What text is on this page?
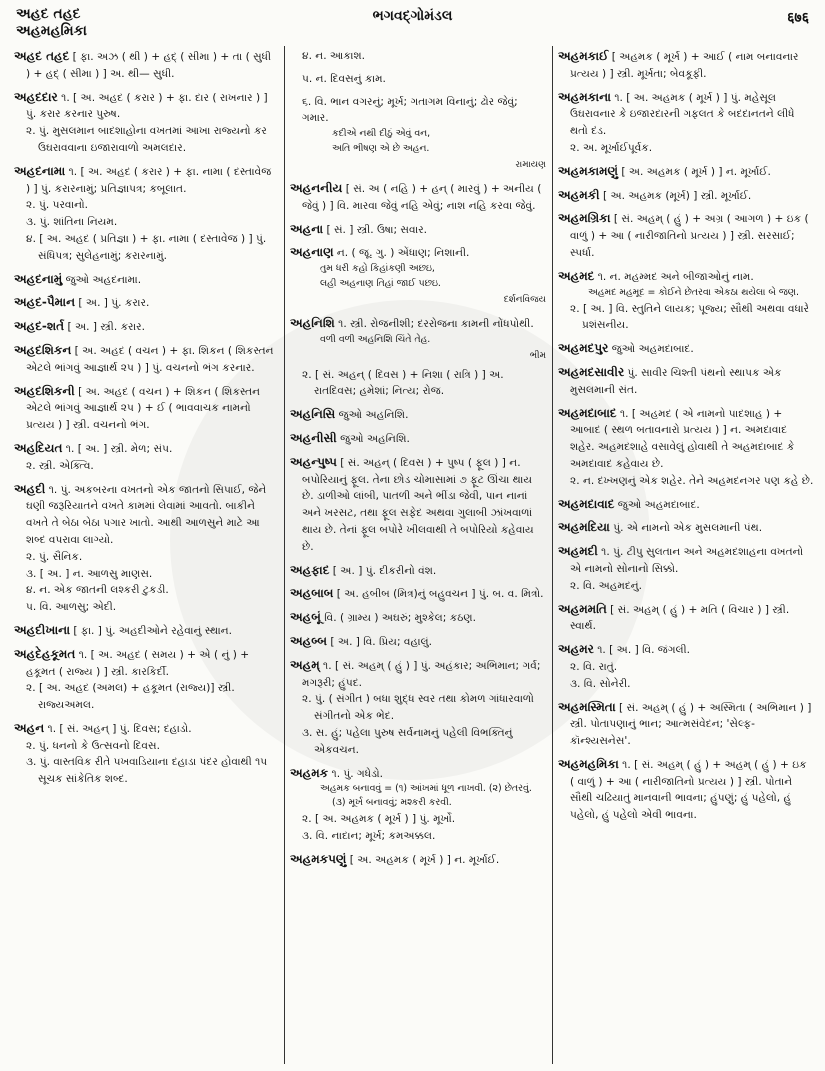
અહદ તહદ
અહમહમિકા
ભગવદ્ગોમંડલ	६७६
અહદ તહદ [ ફા. અઝ ( થી ) + હદ્ ( સીમા ) + તા ( સુધી ) + હદ્ ( સીમા ) ] અ. થી— સુધી.
અહદદાર ૧. [ અ. અહદ ( કરાર ) + ફા. દાર ( રાખનાર ) ] પું. કરાર કરનાર પુરુષ.
૨. પું. મુસલમાન બાદશાહોના વખતમાં આખા રાજ્યનો કર ઉઘરાવવાના ઇજારાવાળો અમલદાર.
અહદનામા ૧. [ અ. અહદ ( કરાર ) + ફા. નામા ( દસ્તાવેજ ) ] પું. કરારનામું; પ્રતિજ્ઞાપત્ર; કબૂલાત.
૨. પું. પરવાનો.
૩. પું. શાંતિના નિયમ.
૪. [ અ. અહદ ( પ્રતિજ્ઞા ) + ફા. નામા ( દસ્તાવેજ ) ] પું. સંધિપત્ર; સુલેહનામું; કરારનામું.
અહદનામું જુઓ અહદનામા.
અહદ-પૈમાન [ અ. ] પું. કરાર.
અહદ-શર્ત [ અ. ] સ્ત્રી. કરાર.
અહદશિકન [ અ. અહદ ( વચન ) + ફા. શિકન ( શિકસ્તન એટલે ભાંગવું આજ્ઞાર્થ ૨પ ) ] પું. વચનનો ભંગ કરનાર.
અહદશિકની [ અ. અહદ ( વચન ) + શિકન ( શિકસ્તન એટલે ભાંગવું આજ્ઞાર્થ ૨પ ) + ઈ ( ભાવવાચક નામનો પ્રત્યય ) ] સ્ત્રી. વચનનો ભંગ.
અહદિયત ૧. [ અ. ] સ્ત્રી. મેળ; સંપ.
૨. સ્ત્રી. એક્ત્વિ.
અહદી ૧. પું. અકબરના વખતનો એક જાતનો સિપાઈ, જેને ઘણી જરૂરિયાતને વખતે કામમાં લેવામાં આવતો. બાકીને વખતે તે બેઠા બેઠા પગાર ખાતો. આથી આળસુને માટે આ શબ્દ વપરાવા લાગ્યો.
૨. પું. સૈનિક.
૩. [ અ. ] ન. આળસુ માણસ.
૪. ન. એક જાતની લશ્કરી ટુકડી.
પ. વિ. આળસુ; એદી.
અહદીખાના [ ફા. ] પું. અહદીઓને રહેવાનું સ્થાન.
અહદેહકૂમત ૧. [ અ. અહદ ( સમય ) + એ ( નું ) + હકૂમત ( રાજ્ય ) ] સ્ત્રી. કારકિર્દી.
૨. [ અ. અહદ (અમલ) + હકૂમત (રાજ્ય)] સ્ત્રી. રાજ્યઅમલ.
અહન ૧. [ સં. અહન્ ] પું. દિવસ; દહાડો.
૨. પું. ધનનો કે ઉત્સવનો દિવસ.
૩. પું. વાસ્તવિક રીતે પખવાડિયાના દહાડા પંદર હોવાથી ૧પ સૂચક સાંકેતિક શબ્દ.
૪. ન. આકાશ.
પ. ન. દિવસનું કામ.
૬. વિ. ભાન વગરનું; મૂર્ખ; ગતાગમ વિનાનું; ઢોર જેવું; ગમાર.
કદીએ નથી દીઠું એવું વન,
અતિ ભીષણ એ છે અહન.
રામાયણ
અહનનીય [ સં. અ ( નહિ ) + હન્ ( મારવું ) + અનીય ( જેવું ) ] વિ. મારવા જેવું નહિ એવું; નાશ નહિ કરવા જેવું.
અહના [ સં. ] સ્ત્રી. ઉષા; સવાર.
અહનાણ ન. ( જૂ. ગુ. ) એંધાણ; નિશાની.
તુમ ધરી કહો કિહાંકણી અછઇ,
લહી અહનાણ તિહાં જાઈ પછઇ.
દર્શનવિજય
અહનિશિ ૧. સ્ત્રી. રોજનીશી; દરરોજના કામની નોંધપોથી.
વળી વળી અહનિશિ ચિંતે તેહ.
ભીમ
૨. [ સં. અહન્ ( દિવસ ) + નિશા ( રાત્રિ ) ] અ. રાતદિવસ; હમેશાં; નિત્ય; રોજ.
અહનિસિ જુઓ અહનિશિ.
અહનીસી જુઓ અહનિશિ.
અહન્પુષ્પ [ સં. અહન્ ( દિવસ ) + પુષ્પ ( ફૂલ ) ] ન. બપોરિયાનું ફૂલ. તેના છોડ ચોમાસામાં ૭ ફૂટ ઊંચા થાય છે. ડાળીઓ લાંબી, પાતળી અને ભીંડા જેવી, પાન નાનાં અને ખરસટ, તથા ફૂલ સફેદ અથવા ગુલાબી ઝાંખવાળાં થાય છે. તેનાં ફૂલ બપોરે ખીલવાથી તે બપોરિયો કહેવાય છે.
અહફાદ [ અ. ] પું. દીકરીનો વંશ.
અહબાબ [ અ. હબીબ (મિત્ર)નું બહુવચન ] પું. બ. વ. મિત્રો.
અહબૂં વિ. ( ગ્રામ્ય ) અઘરું; મુશ્કેલ; કઠણ.
અહબ્બ [ અ. ] વિ. પ્રિય; વહાલું.
અહમ્ ૧. [ સં. અહમ્ ( હું ) ] પું. અહંકાર; અભિમાન; ગર્વ; મગરૂરી; હુંપદ.
૨. પું. ( સંગીત ) બધા શુદ્ધ સ્વર તથા કોમળ ગાંધારવાળો સંગીતનો એક ભેદ.
૩. સ. હું; પહેલા પુરુષ સર્વનામનું પહેલી વિભક્તિનું એકવચન.
અહમક ૧. પું. ગધેડો.
અહમક બનાવવું = (૧) આંખમાં ધૂળ નાખવી. (૨) છેતરવું. (૩) મૂર્ખ બનાવવું; મશ્કરી કરવી.
૨. [ અ. અહમક ( મૂર્ખ ) ] પું. મૂર્ખો.
૩. વિ. નાદાન; મૂર્ખ; કમઅક્કલ.
અહમકપણું [ અ. અહમક ( મૂર્ખ ) ] ન. મૂર્ખાઈ.
અહમકાઈ [ અહમક ( મૂર્ખ ) + આઈ ( નામ બનાવનાર પ્રત્યય ) ] સ્ત્રી. મૂર્ખતા; બેવકૂફી.
અહમકાના ૧. [ અ. અહમક ( મૂર્ખ ) ] પું. મહેસૂલ ઉઘરાવનાર કે ઇજારદારની ગફલત કે બદદાનતને લીધે થતો દંડ.
૨. અ. મૂર્ખાઈપૂર્વક.
અહમકામણું [ અ. અહમક ( મૂર્ખ ) ] ન. મૂર્ખાઈ.
અહમકી [ અ. અહમક (મૂર્ખ) ] સ્ત્રી. મૂર્ખાઈ.
અહમગ્રિકા [ સં. અહમ્ ( હું ) + અગ્ર ( આગળ ) + ઇક ( વાળું ) + આ ( નારીજાતિનો પ્રત્યય ) ] સ્ત્રી. સરસાઈ; સ્પર્ધા.
અહમદ ૧. ન. મહમ્મદ અને બીજાઓનું નામ.
અહમદ મહમૂદ = કોઈને છેતરવા એકઠા થયેલા બે જણ.
૨. [ અ. ] વિ. સ્તુતિને લાયક; પૂજ્ય; સૌથી અથવા વધારે પ્રશંસનીય.
અહમદપુર જુઓ અહમદાબાદ.
અહમદસાવીર પું. સાવીર ચિશ્તી પંથનો સ્થાપક એક મુસલમાની સંત.
અહમદાબાદ ૧. [ અહમદ ( એ નામનો પાદશાહ ) + આબાદ ( સ્થળ બતાવનારો પ્રત્યય ) ] ન. અમદાવાદ શહેર. અહમદશાહે વસાવેલું હોવાથી તે અહમદાબાદ કે અમદાવાદ કહેવાય છે.
૨. ન. દખ્ખણનું એક શહેર. તેને અહમદનગર પણ કહે છે.
અહમદાવાદ જુઓ અહમદાબાદ.
અહમદિયા પું. એ નામનો એક મુસલમાની પંથ.
અહમદી ૧. પું. ટીપુ સુલતાન અને અહમદશાહના વખતનો એ નામનો સોનાનો સિક્કો.
૨. વિ. અહમદનું.
અહમમતિ [ સં. અહમ્ ( હું ) + મતિ ( વિચાર ) ] સ્ત્રી. સ્વાર્થ.
અહમર ૧. [ અ. ] વિ. જંગલી.
૨. વિ. રાતું.
૩. વિ. સોનેરી.
અહમસ્મિતા [ સં. અહમ્ ( હું ) + અસ્મિતા ( અભિમાન ) ] સ્ત્રી. પોતાપણાનું ભાન; આત્મસંવેદન; 'સેલ્ફ-કૉન્શ્યસનેસ'.
અહમહમિકા ૧. [ સં. અહમ્ ( હું ) + અહમ્ ( હું ) + ઇક ( વાળું ) + આ ( નારીજાતિનો પ્રત્યય ) ] સ્ત્રી. પોતાને સૌથી ચઢિયાતું માનવાની ભાવના; હુંપણું; હું પહેલો, હું પહેલો, હું પહેલો એવી ભાવના.
